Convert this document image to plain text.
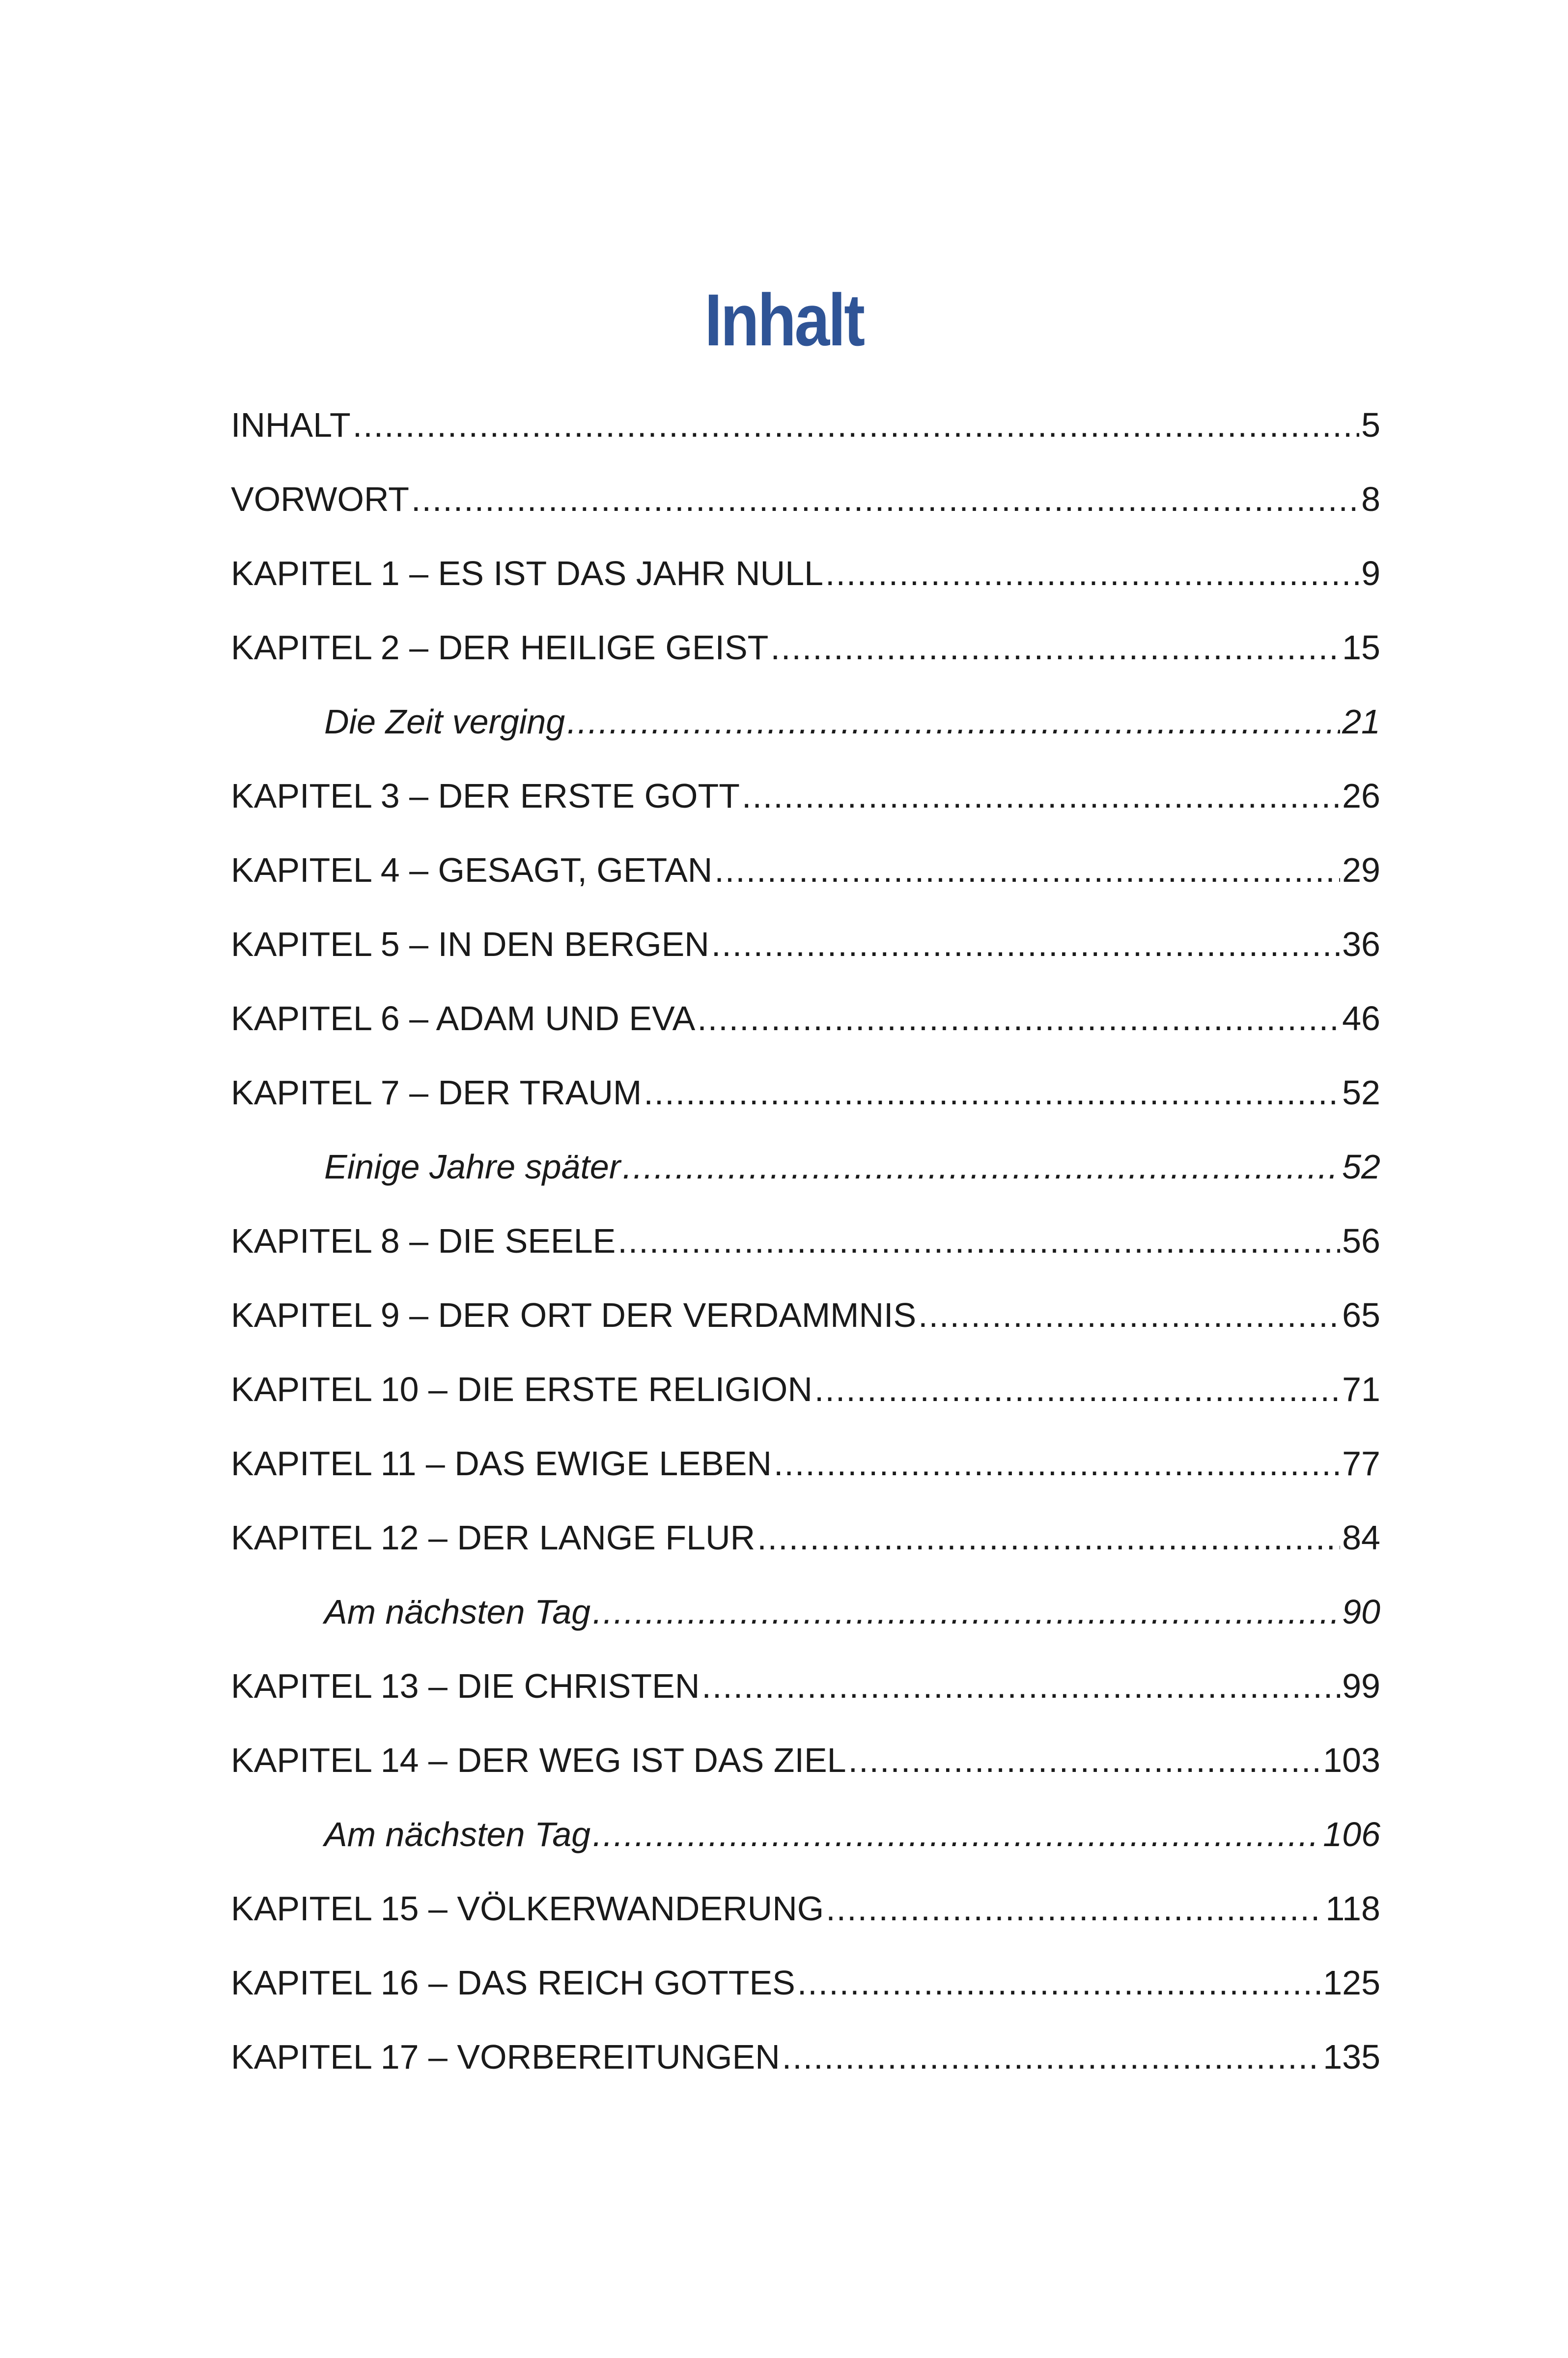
Inhalt
INHALT .....	5
VORWORT .....	8
KAPITEL 1 – ES IST DAS JAHR NULL .....	9
KAPITEL 2 – DER HEILIGE GEIST .....	15
Die Zeit verging .....	21
KAPITEL 3 – DER ERSTE GOTT .....	26
KAPITEL 4 – GESAGT, GETAN .....	29
KAPITEL 5 – IN DEN BERGEN .....	36
KAPITEL 6 – ADAM UND EVA .....	46
KAPITEL 7 – DER TRAUM .....	52
Einige Jahre später .....	52
KAPITEL 8 – DIE SEELE .....	56
KAPITEL 9 – DER ORT DER VERDAMMNIS .....	65
KAPITEL 10 – DIE ERSTE RELIGION .....	71
KAPITEL 11 – DAS EWIGE LEBEN .....	77
KAPITEL 12 – DER LANGE FLUR .....	84
Am nächsten Tag .....	90
KAPITEL 13 – DIE CHRISTEN .....	99
KAPITEL 14 – DER WEG IST DAS ZIEL .....	103
Am nächsten Tag .....	106
KAPITEL 15 – VÖLKERWANDERUNG .....	118
KAPITEL 16 – DAS REICH GOTTES .....	125
KAPITEL 17 – VORBEREITUNGEN .....	135
